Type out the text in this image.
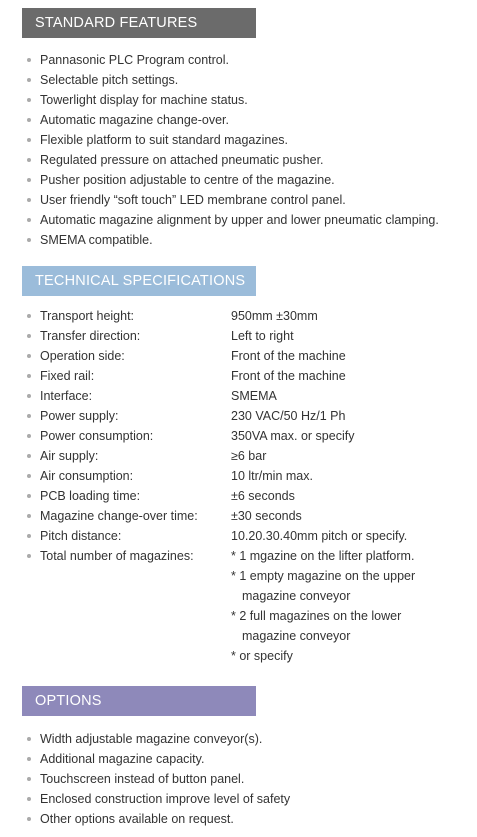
STANDARD FEATURES
Pannasonic PLC Program control.
Selectable pitch settings.
Towerlight display for machine status.
Automatic magazine change-over.
Flexible platform to suit standard magazines.
Regulated pressure on attached pneumatic pusher.
Pusher position adjustable to centre of the magazine.
User friendly “soft touch” LED membrane control panel.
Automatic magazine alignment by upper and lower pneumatic clamping.
SMEMA compatible.
TECHNICAL SPECIFICATIONS
Transport height:	950mm ±30mm
Transfer direction:	Left to right
Operation side:	Front of the machine
Fixed rail:	Front of the machine
Interface:	SMEMA
Power supply:	230 VAC/50 Hz/1 Ph
Power consumption:	350VA max. or specify
Air supply:	≥6 bar
Air consumption:	10 ltr/min max.
PCB loading time:	±6 seconds
Magazine change-over time:	±30 seconds
Pitch distance:	10.20.30.40mm pitch or specify.
Total number of magazines:	* 1 mgazine on the lifter platform.
* 1 empty magazine on the upper
magazine conveyor
* 2 full magazines on the lower
magazine conveyor
* or specify
OPTIONS
Width adjustable magazine conveyor(s).
Additional magazine capacity.
Touchscreen instead of button panel.
Enclosed construction improve level of safety
Other options available on request.
